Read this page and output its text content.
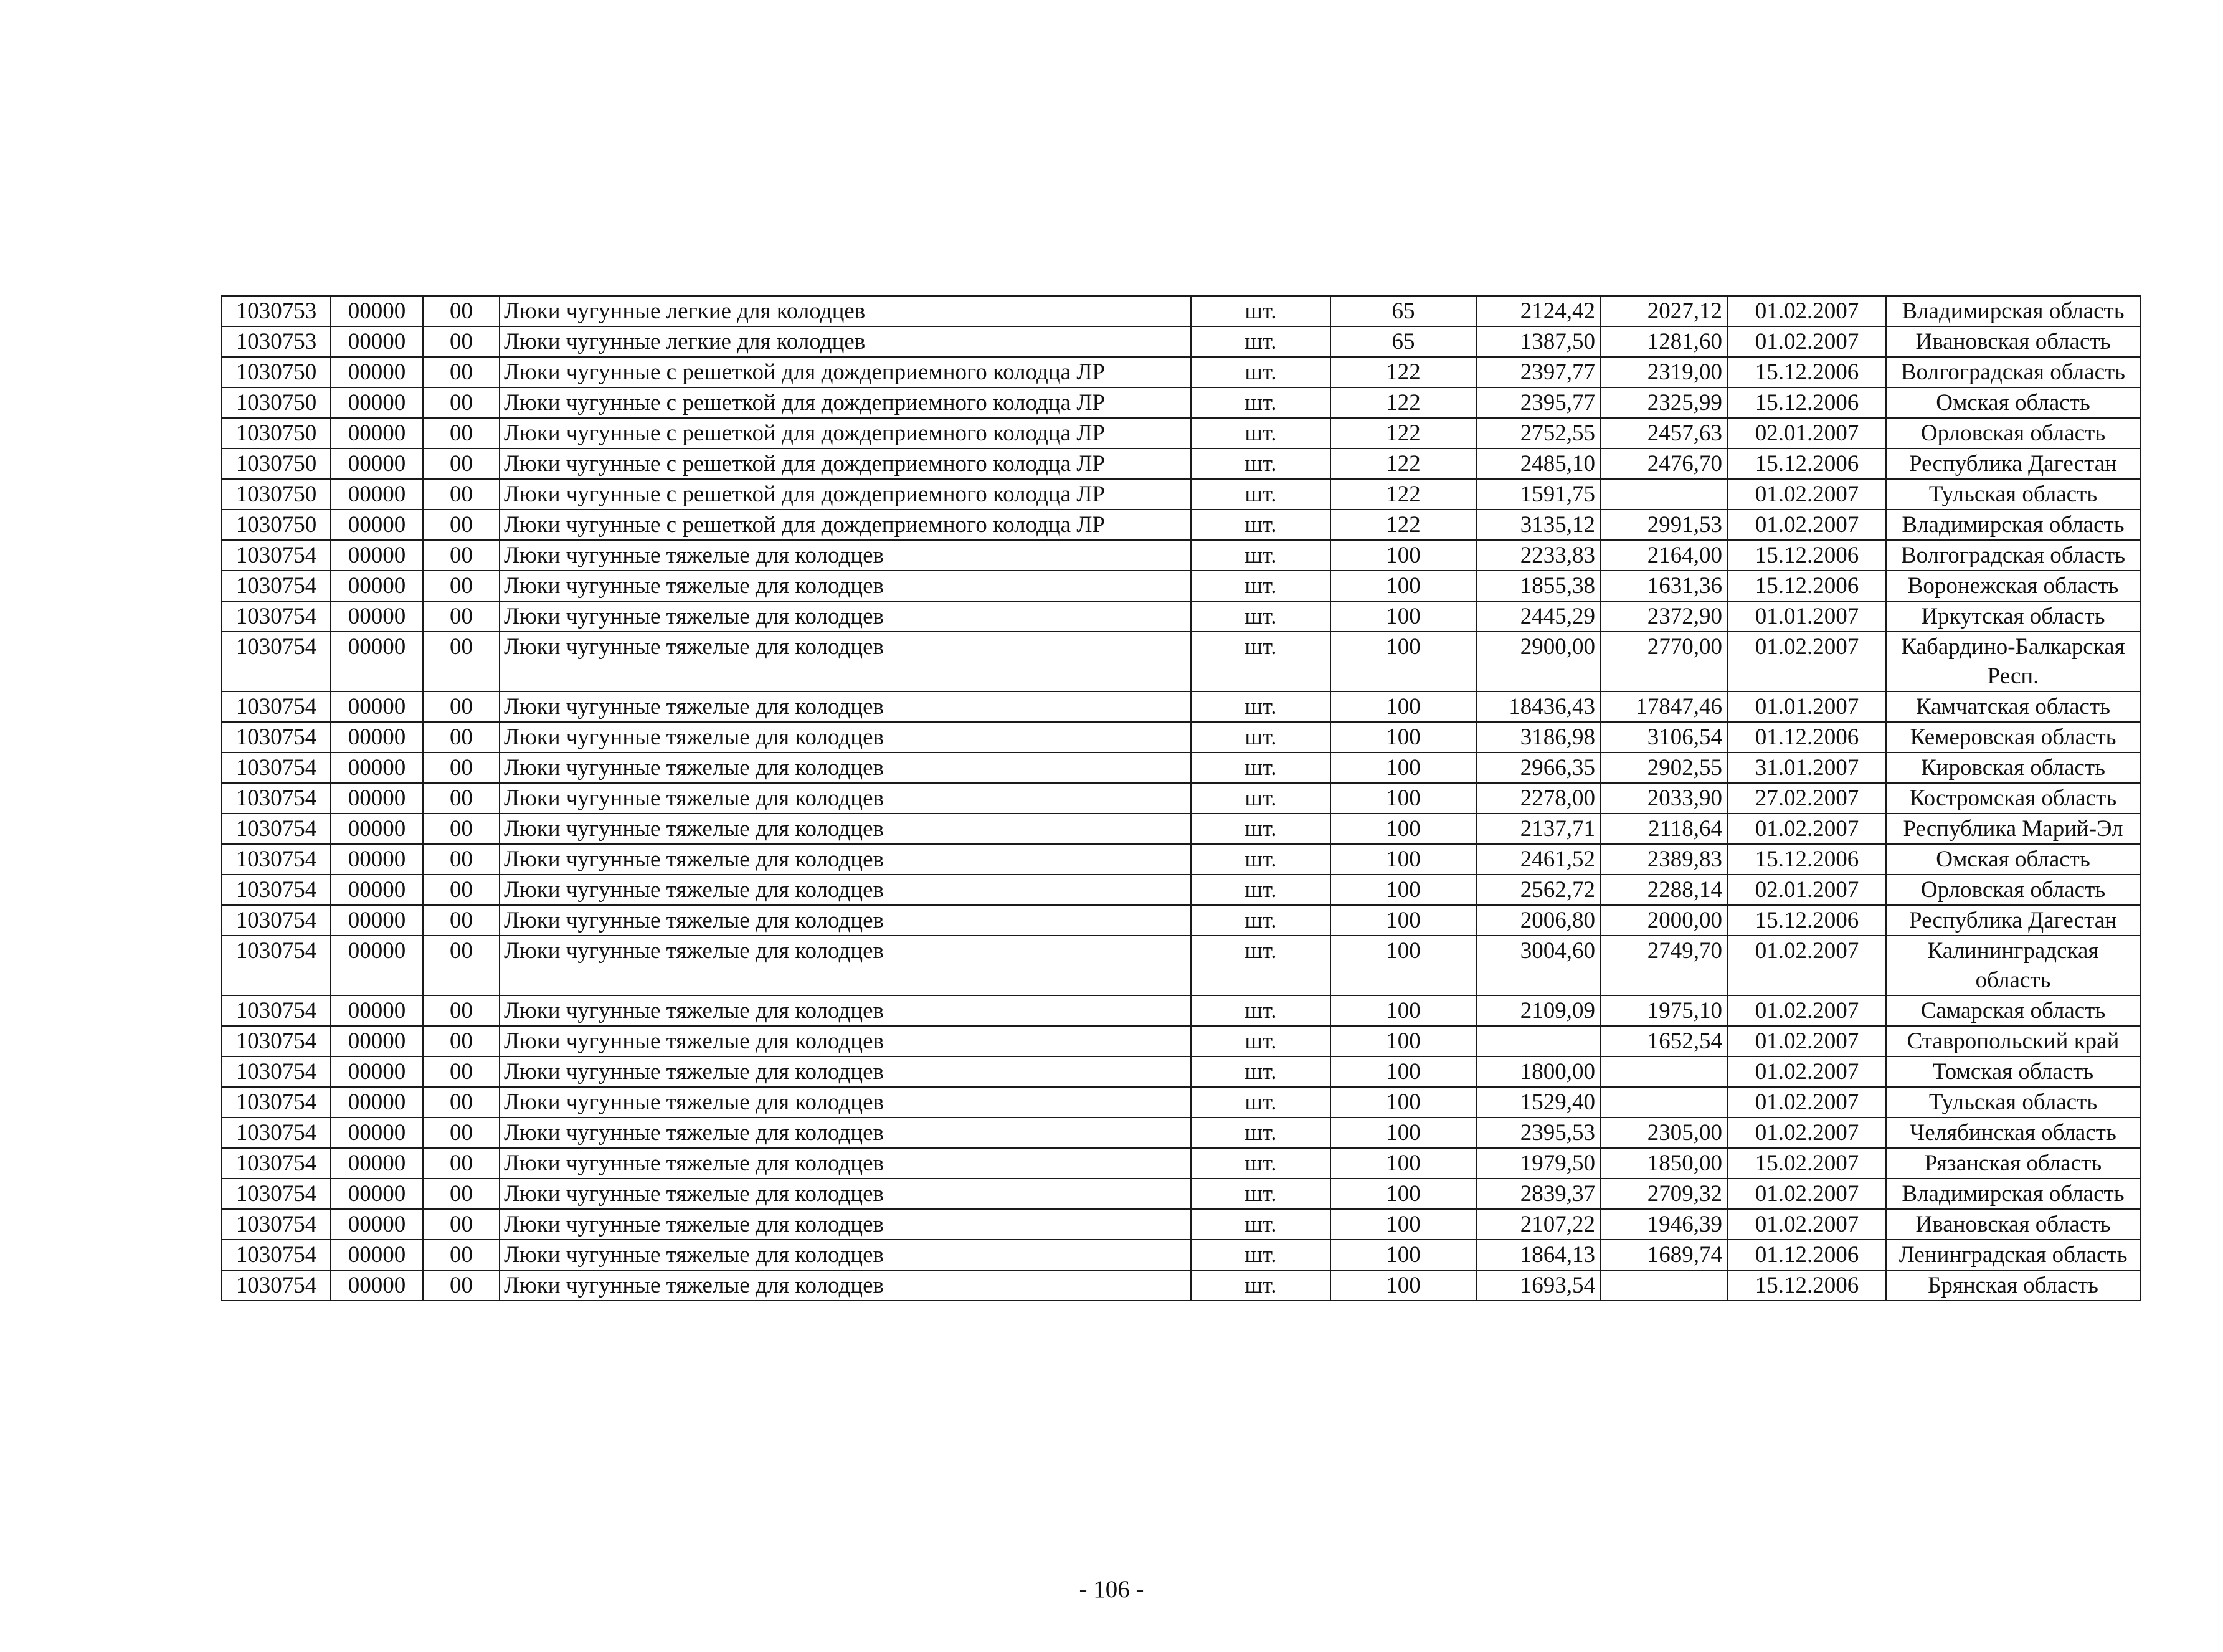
1030753	00000	00	Люки чугунные легкие для колодцев	шт.	65	2124,42	2027,12	01.02.2007	Владимирская область
1030753	00000	00	Люки чугунные легкие для колодцев	шт.	65	1387,50	1281,60	01.02.2007	Ивановская область
1030750	00000	00	Люки чугунные с решеткой для дождеприемного колодца ЛР	шт.	122	2397,77	2319,00	15.12.2006	Волгоградская область
1030750	00000	00	Люки чугунные с решеткой для дождеприемного колодца ЛР	шт.	122	2395,77	2325,99	15.12.2006	Омская область
1030750	00000	00	Люки чугунные с решеткой для дождеприемного колодца ЛР	шт.	122	2752,55	2457,63	02.01.2007	Орловская область
1030750	00000	00	Люки чугунные с решеткой для дождеприемного колодца ЛР	шт.	122	2485,10	2476,70	15.12.2006	Республика Дагестан
1030750	00000	00	Люки чугунные с решеткой для дождеприемного колодца ЛР	шт.	122	1591,75		01.02.2007	Тульская область
1030750	00000	00	Люки чугунные с решеткой для дождеприемного колодца ЛР	шт.	122	3135,12	2991,53	01.02.2007	Владимирская область
1030754	00000	00	Люки чугунные тяжелые для колодцев	шт.	100	2233,83	2164,00	15.12.2006	Волгоградская область
1030754	00000	00	Люки чугунные тяжелые для колодцев	шт.	100	1855,38	1631,36	15.12.2006	Воронежская область
1030754	00000	00	Люки чугунные тяжелые для колодцев	шт.	100	2445,29	2372,90	01.01.2007	Иркутская область
1030754	00000	00	Люки чугунные тяжелые для колодцев	шт.	100	2900,00	2770,00	01.02.2007	Кабардино-Балкарская Респ.
1030754	00000	00	Люки чугунные тяжелые для колодцев	шт.	100	18436,43	17847,46	01.01.2007	Камчатская область
1030754	00000	00	Люки чугунные тяжелые для колодцев	шт.	100	3186,98	3106,54	01.12.2006	Кемеровская область
1030754	00000	00	Люки чугунные тяжелые для колодцев	шт.	100	2966,35	2902,55	31.01.2007	Кировская область
1030754	00000	00	Люки чугунные тяжелые для колодцев	шт.	100	2278,00	2033,90	27.02.2007	Костромская область
1030754	00000	00	Люки чугунные тяжелые для колодцев	шт.	100	2137,71	2118,64	01.02.2007	Республика Марий-Эл
1030754	00000	00	Люки чугунные тяжелые для колодцев	шт.	100	2461,52	2389,83	15.12.2006	Омская область
1030754	00000	00	Люки чугунные тяжелые для колодцев	шт.	100	2562,72	2288,14	02.01.2007	Орловская область
1030754	00000	00	Люки чугунные тяжелые для колодцев	шт.	100	2006,80	2000,00	15.12.2006	Республика Дагестан
1030754	00000	00	Люки чугунные тяжелые для колодцев	шт.	100	3004,60	2749,70	01.02.2007	Калининградская область
1030754	00000	00	Люки чугунные тяжелые для колодцев	шт.	100	2109,09	1975,10	01.02.2007	Самарская область
1030754	00000	00	Люки чугунные тяжелые для колодцев	шт.	100		1652,54	01.02.2007	Ставропольский край
1030754	00000	00	Люки чугунные тяжелые для колодцев	шт.	100	1800,00		01.02.2007	Томская область
1030754	00000	00	Люки чугунные тяжелые для колодцев	шт.	100	1529,40		01.02.2007	Тульская область
1030754	00000	00	Люки чугунные тяжелые для колодцев	шт.	100	2395,53	2305,00	01.02.2007	Челябинская область
1030754	00000	00	Люки чугунные тяжелые для колодцев	шт.	100	1979,50	1850,00	15.02.2007	Рязанская область
1030754	00000	00	Люки чугунные тяжелые для колодцев	шт.	100	2839,37	2709,32	01.02.2007	Владимирская область
1030754	00000	00	Люки чугунные тяжелые для колодцев	шт.	100	2107,22	1946,39	01.02.2007	Ивановская область
1030754	00000	00	Люки чугунные тяжелые для колодцев	шт.	100	1864,13	1689,74	01.12.2006	Ленинградская область
1030754	00000	00	Люки чугунные тяжелые для колодцев	шт.	100	1693,54		15.12.2006	Брянская область
- 106 -
